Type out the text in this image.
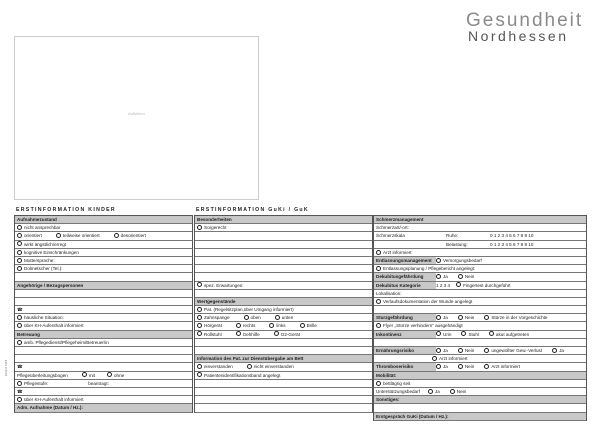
Gesundheit
Nordhessen
Aufkleber
1012 0 1115
ERSTINFORMATION KINDER	ERSTINFORMATION GuKi / GuK
Aufnahmezustand
nicht ansprechbar
orientiert	teilweise orientiert	desorientiert
wirkt ängstlich/erregt
kognitive Einschränkungen
Muttersprache:
Dolmetscher (Tel.):
Angehörige / Bezugspersonen
☎
häusliche Situation:
über KH-Aufenthalt informiert
Betreuung
amb. Pflegedienst/Pflegeheim/Betreuer/in
☎
Pflegeüberleitungsbogen	mit	ohne
Pflegestufe:	beantragt:
☎
über KH-Aufenthalt informiert
Adm. Aufnahme (Datum / Hz.):
Besonderheiten
Sorgerecht
spez. Erwartungen:
Wertgegenstände
Pat. (Regelsitzplan,über Umgang informiert)
Zahnspange	oben	unten
Hörgerät	rechts	links	Brille
Rollstuhl	Gehhilfe	O2-Gerät
Information des Pat. zur Dienstübergabe am Bett
einverstanden	nicht einverstanden
Patientenidentifikationsband angelegt
Schmerzmanagement
Schmerzart/-ort:
Schmerzskala	Ruhe:	0 1 2 3 4 5 6 7 8 9 10
Belastung:	0 1 2 3 4 5 6 7 8 9 10
Arzt informiert
Entlassungsmanagement Versorgungsbedarf
Entlassungsplanung / Pflegebericht angelegt:
Dekubitusgefährdung	Ja	Nein
Dekubitus Kategorie	1 2 3 4	Fingertest durchgeführt
Lokalisation:
Verlaufsdokumentation der Wunde angelegt
Sturzgefährdung	Ja	Nein	Stürze in der Vorgeschichte
Flyer „Stürze verhindern“ ausgehändigt
Inkontinenz	Urin	Stuhl	akut aufgetreten
Ernährungsrisiko	Ja	Nein	ungewollter Gew.-Verlust	Ja
Arzt informiert
Thromboserisiko	Ja	Nein	Arzt informiert
Mobilität:
bettlägrig seit
Unterstützungsbedarf	Ja	Nein
Sonstiges:
Erstgespräch GuKi (Datum / Hz.):
